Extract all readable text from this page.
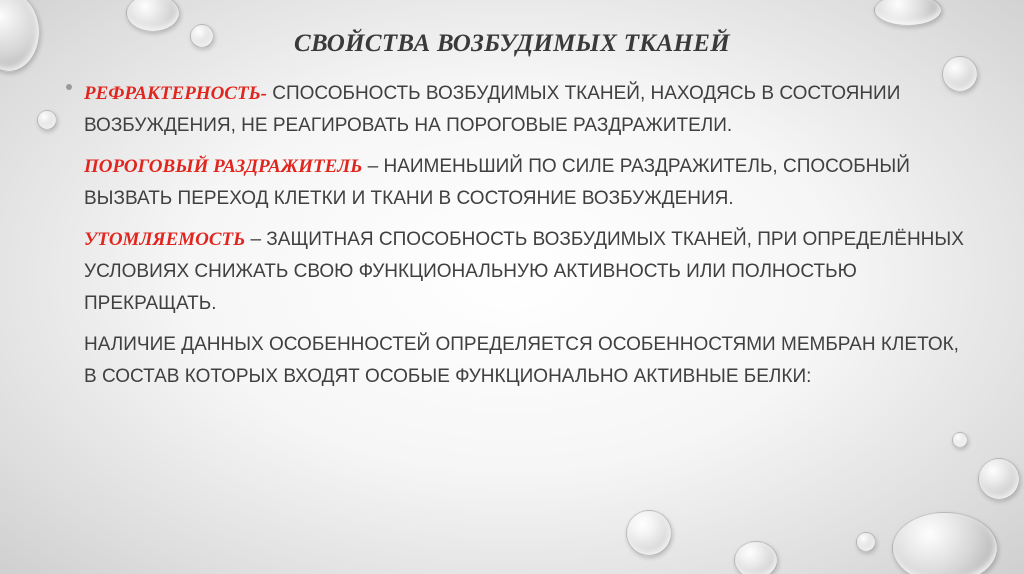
СВОЙСТВА ВОЗБУДИМЫХ ТКАНЕЙ
РЕФРАКТЕРНОСТЬ- СПОСОБНОСТЬ ВОЗБУДИМЫХ ТКАНЕЙ, НАХОДЯСЬ В СОСТОЯНИИ ВОЗБУЖДЕНИЯ, НЕ РЕАГИРОВАТЬ НА ПОРОГОВЫЕ РАЗДРАЖИТЕЛИ.
ПОРОГОВЫЙ РАЗДРАЖИТЕЛЬ – НАИМЕНЬШИЙ ПО СИЛЕ РАЗДРАЖИТЕЛЬ, СПОСОБНЫЙ ВЫЗВАТЬ ПЕРЕХОД КЛЕТКИ И ТКАНИ В СОСТОЯНИЕ ВОЗБУЖДЕНИЯ.
УТОМЛЯЕМОСТЬ – ЗАЩИТНАЯ СПОСОБНОСТЬ ВОЗБУДИМЫХ ТКАНЕЙ, ПРИ ОПРЕДЕЛЁННЫХ УСЛОВИЯХ СНИЖАТЬ СВОЮ ФУНКЦИОНАЛЬНУЮ АКТИВНОСТЬ ИЛИ ПОЛНОСТЬЮ ПРЕКРАЩАТЬ.
НАЛИЧИЕ ДАННЫХ ОСОБЕННОСТЕЙ ОПРЕДЕЛЯЕТСЯ ОСОБЕННОСТЯМИ МЕМБРАН КЛЕТОК, В СОСТАВ КОТОРЫХ ВХОДЯТ ОСОБЫЕ ФУНКЦИОНАЛЬНО АКТИВНЫЕ БЕЛКИ:
